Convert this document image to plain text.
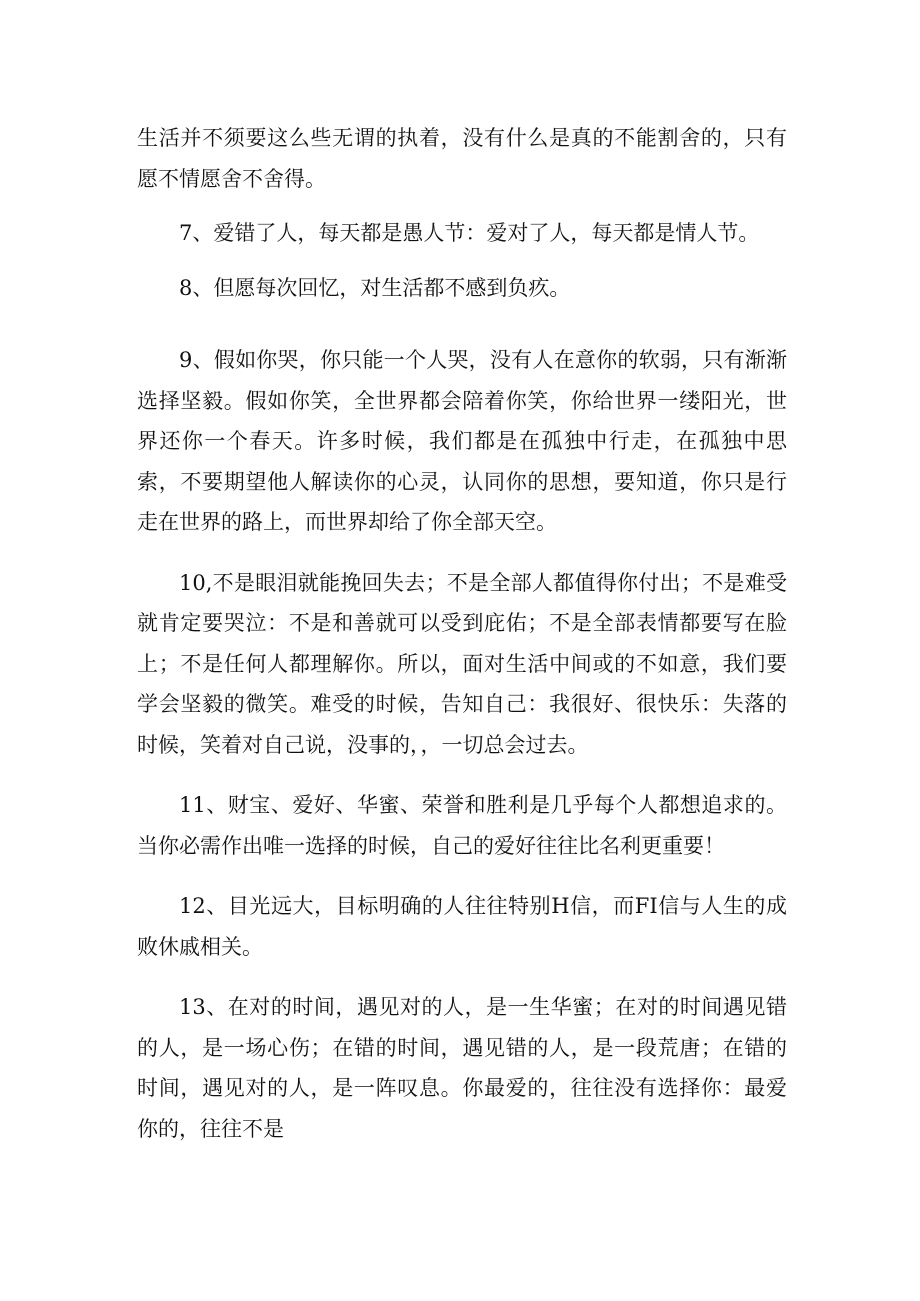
生活并不须要这么些无谓的执着，没有什么是真的不能割舍的，只有愿不情愿舍不舍得。

7、爱错了人，每天都是愚人节：爱对了人，每天都是情人节。

8、但愿每次回忆，对生活都不感到负疚。

9、假如你哭，你只能一个人哭，没有人在意你的软弱，只有渐渐选择坚毅。假如你笑，全世界都会陪着你笑，你给世界一缕阳光，世界还你一个春天。许多时候，我们都是在孤独中行走，在孤独中思索，不要期望他人解读你的心灵，认同你的思想，要知道，你只是行走在世界的路上，而世界却给了你全部天空。

10,不是眼泪就能挽回失去；不是全部人都值得你付出；不是难受就肯定要哭泣：不是和善就可以受到庇佑；不是全部表情都要写在脸上；不是任何人都理解你。所以，面对生活中间或的不如意，我们要学会坚毅的微笑。难受的时候，告知自己：我很好、很快乐：失落的时候，笑着对自己说，没事的，，一切总会过去。

11、财宝、爱好、华蜜、荣誉和胜利是几乎每个人都想追求的。当你必需作出唯一选择的时候，自己的爱好往往比名利更重要！

12、目光远大，目标明确的人往往特别H信，而FI信与人生的成败休戚相关。

13、在对的时间，遇见对的人，是一生华蜜；在对的时间遇见错的人，是一场心伤；在错的时间，遇见错的人，是一段荒唐；在错的时间，遇见对的人，是一阵叹息。你最爱的，往往没有选择你：最爱你的，往往不是
